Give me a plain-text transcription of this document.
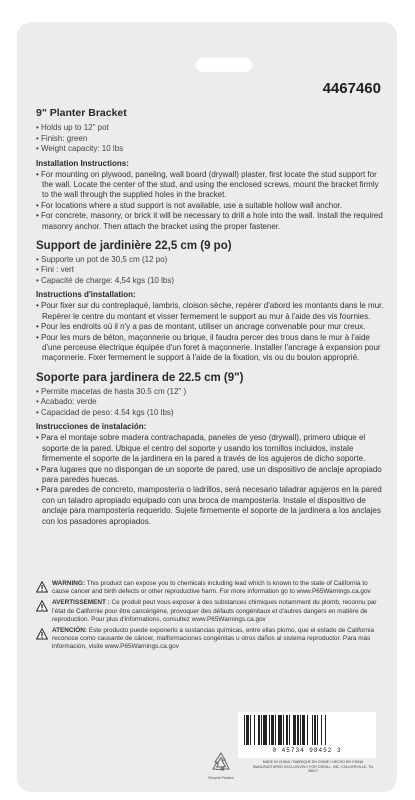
4467460
9" Planter Bracket
• Holds up to 12" pot
• Finish: green
• Weight capacity: 10 lbs
Installation Instructions:
• For mounting on plywood, paneling, wall board (drywall) plaster, first locate the stud support for the wall. Locate the center of the stud, and using the enclosed screws, mount the bracket firmly to the wall through the supplied holes in the bracket.
• For locations where a stud support is not available, use a suitable hollow wall anchor.
• For concrete, masonry, or brick it will be necessary to drill a hole into the wall. Install the required masonry anchor. Then attach the bracket using the proper fastener.
Support de jardinière 22,5 cm (9 po)
• Supporte un pot de 30,5 cm (12 po)
• Fini : vert
• Capacité de charge: 4,54 kgs (10 lbs)
Instructions d'installation:
• Pour fixer sur du contreplaqué, lambris, cloison sèche, repérer d'abord les montants dans le mur. Repérer le centre du montant et visser fermement le support au mur à l'aide des vis fournies.
• Pour les endroits où il n'y a pas de montant, utiliser un ancrage convenable pour mur creux.
• Pour les murs de béton, maçonnerie ou brique, il faudra percer des trous dans le mur à l'aide d'une perceuse électrique équipée d'un foret à maçonnerie. Installer l'ancrage à expansion pour maçonnerie. Fixer fermement le support à l'aide de la fixation, vis ou du boulon approprié.
Soporte para jardinera de 22.5 cm (9")
• Permite macetas de hasta 30.5 cm (12" )
• Acabado: verde
• Capacidad de peso: 4.54 kgs (10 lbs)
Instrucciones de instalación:
• Para el montaje sobre madera contrachapada, paneles de yeso (drywall), primero ubique el soporte de la pared. Ubique el centro del soporte y usando los tornillos incluidos, instale firmemente el soporte de la jardinera en la pared a través de los agujeros de dicho soporte.
• Para lugares que no dispongan de un soporte de pared, use un dispositivo de anclaje apropiado para paredes huecas.
• Para paredes de concreto, mampostería o ladrillos, será necesario taladrar agujeros en la pared con un taladro apropiado equipado con una broca de mampostería. Instale el dispositivo de anclaje para mampostería requerido. Sujete firmemente el soporte de la jardinera a los anclajes con los pasadores apropiados.
WARNING: This product can expose you to chemicals including lead which is known to the state of California to cause cancer and birth defects or other reproductive harm. For more information go to www.P65Warnings.ca.gov
AVERTISSEMENT : Ce produit peut vous exposer à des substances chimiques notamment du plomb, reconnu par l'état de Californie pour être cancérigène, provoquer des défauts congénitaux et d'autres dangers en matière de reproduction. Pour plus d'informations, consultez www.P65Warnings.ca.gov
ATENCIÓN: Este producto puede exponerlo a sustancias químicas, entre ellas plomo, que el estado de California reconoce como causante de cáncer, malformaciones congénitas u otros daños al sistema reproductor. Para más información, visite www.P65Warnings.ca.gov
0 45734 98452 3
Recycle Plastics
MADE IN CHINA / FABRIQUÉ EN CHINE / HECHO EN CHINA MANUFACTURED EXCLUSIVELY FOR ORGILL, INC. COLLIERVILLE, TN 38017
